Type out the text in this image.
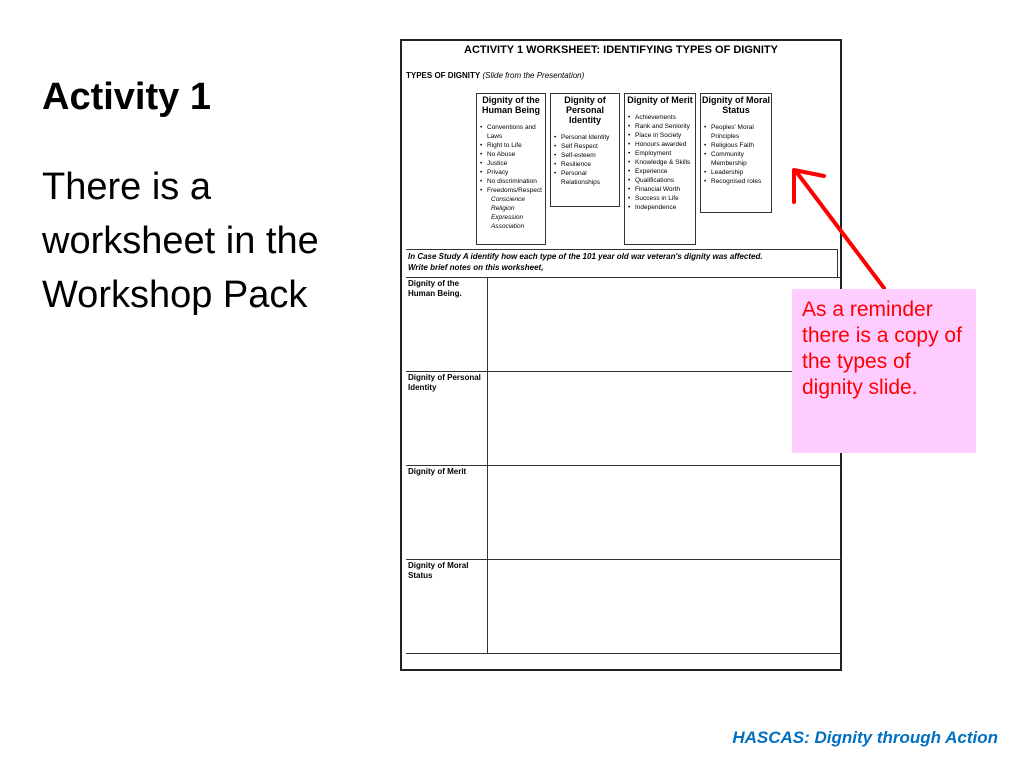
Activity 1
There is a
worksheet in the
Workshop Pack
ACTIVITY 1 WORKSHEET: IDENTIFYING TYPES OF DIGNITY
TYPES OF DIGNITY (Slide from the Presentation)
Dignity of the Human Being
• Conventions and Laws
• Right to Life
• No Abuse
• Justice
• Privacy
• No discrimination
• Freedoms/Respect
Conscience
Religion
Expression
Association
Dignity of Personal Identity
• Personal Identity
• Self Respect
• Self-esteem
• Resilience
• Personal Relationships
Dignity of Merit
• Achievements
• Rank and Seniority
• Place in Society
• Honours awarded
• Employment
• Knowledge & Skills
• Experience
• Qualifications
• Financial Worth
• Success in Life
• Independence
Dignity of Moral Status
• Peoples' Moral Principles
• Religious Faith
• Community Membership
• Leadership
• Recognised roles
In Case Study A identify how each type of the 101 year old war veteran's dignity was affected.
Write brief notes on this worksheet,
Dignity of the Human Being.
Dignity of Personal Identity
Dignity of Merit
Dignity of Moral Status
As a reminder there is a copy of the types of dignity slide.
HASCAS: Dignity through Action
